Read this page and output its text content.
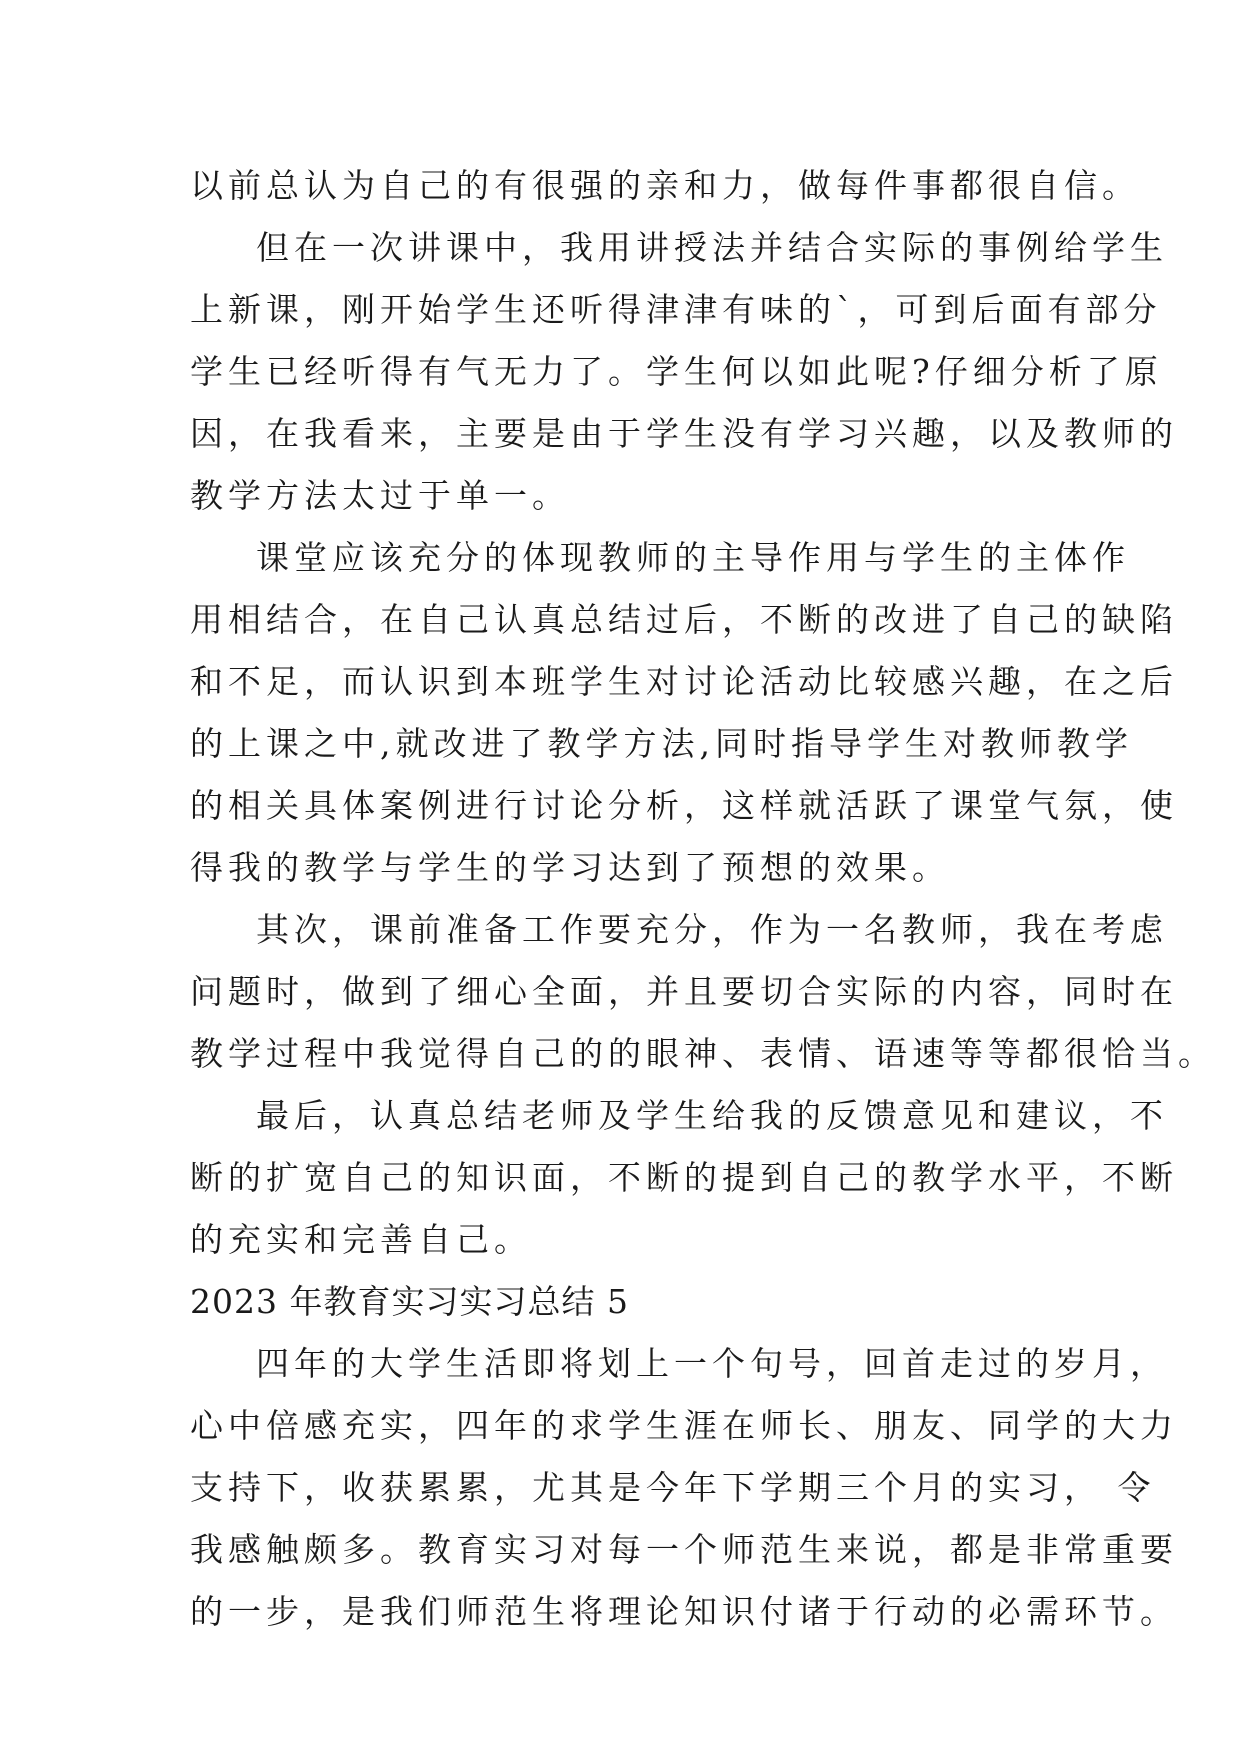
以前总认为自己的有很强的亲和力，做每件事都很自信。
但在一次讲课中，我用讲授法并结合实际的事例给学生
上新课，刚开始学生还听得津津有味的`，可到后面有部分
学生已经听得有气无力了。学生何以如此呢?仔细分析了原
因，在我看来，主要是由于学生没有学习兴趣，以及教师的
教学方法太过于单一。
课堂应该充分的体现教师的主导作用与学生的主体作
用相结合，在自己认真总结过后，不断的改进了自己的缺陷
和不足，而认识到本班学生对讨论活动比较感兴趣，在之后
的上课之中,就改进了教学方法,同时指导学生对教师教学
的相关具体案例进行讨论分析，这样就活跃了课堂气氛，使
得我的教学与学生的学习达到了预想的效果。
其次，课前准备工作要充分，作为一名教师，我在考虑
问题时，做到了细心全面，并且要切合实际的内容，同时在
教学过程中我觉得自己的的眼神、表情、语速等等都很恰当。
最后，认真总结老师及学生给我的反馈意见和建议，不
断的扩宽自己的知识面，不断的提到自己的教学水平，不断
的充实和完善自己。
2023 年教育实习实习总结 5
四年的大学生活即将划上一个句号，回首走过的岁月，
心中倍感充实，四年的求学生涯在师长、朋友、同学的大力
支持下，收获累累，尤其是今年下学期三个月的实习， 令
我感触颇多。教育实习对每一个师范生来说，都是非常重要
的一步，是我们师范生将理论知识付诸于行动的必需环节。
